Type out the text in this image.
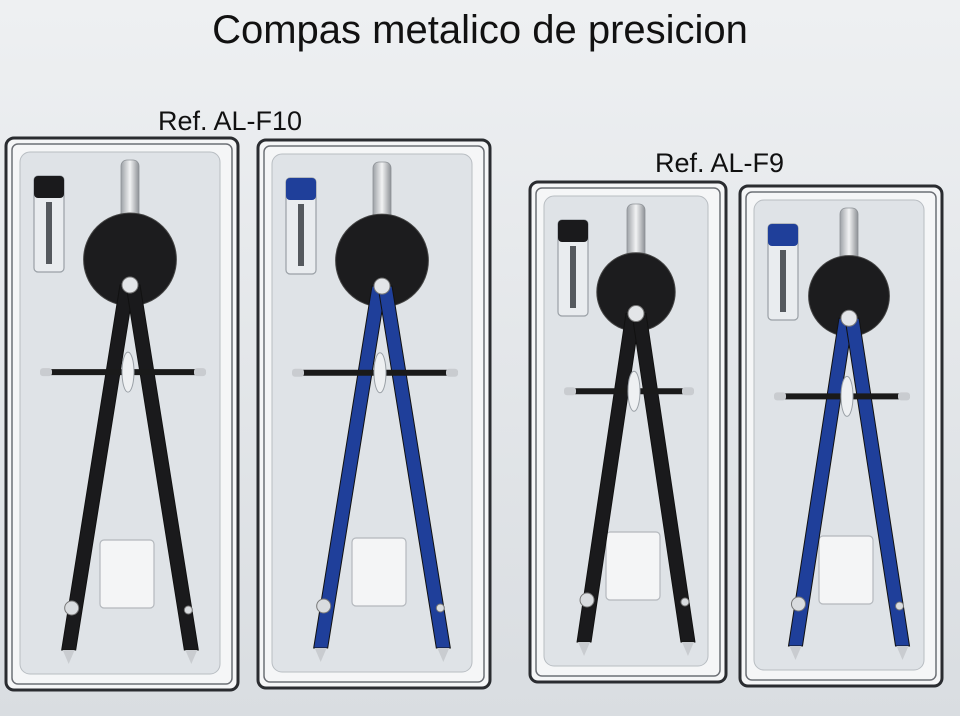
Compas metalico de presicion
Ref. AL-F10
Ref. AL-F9
